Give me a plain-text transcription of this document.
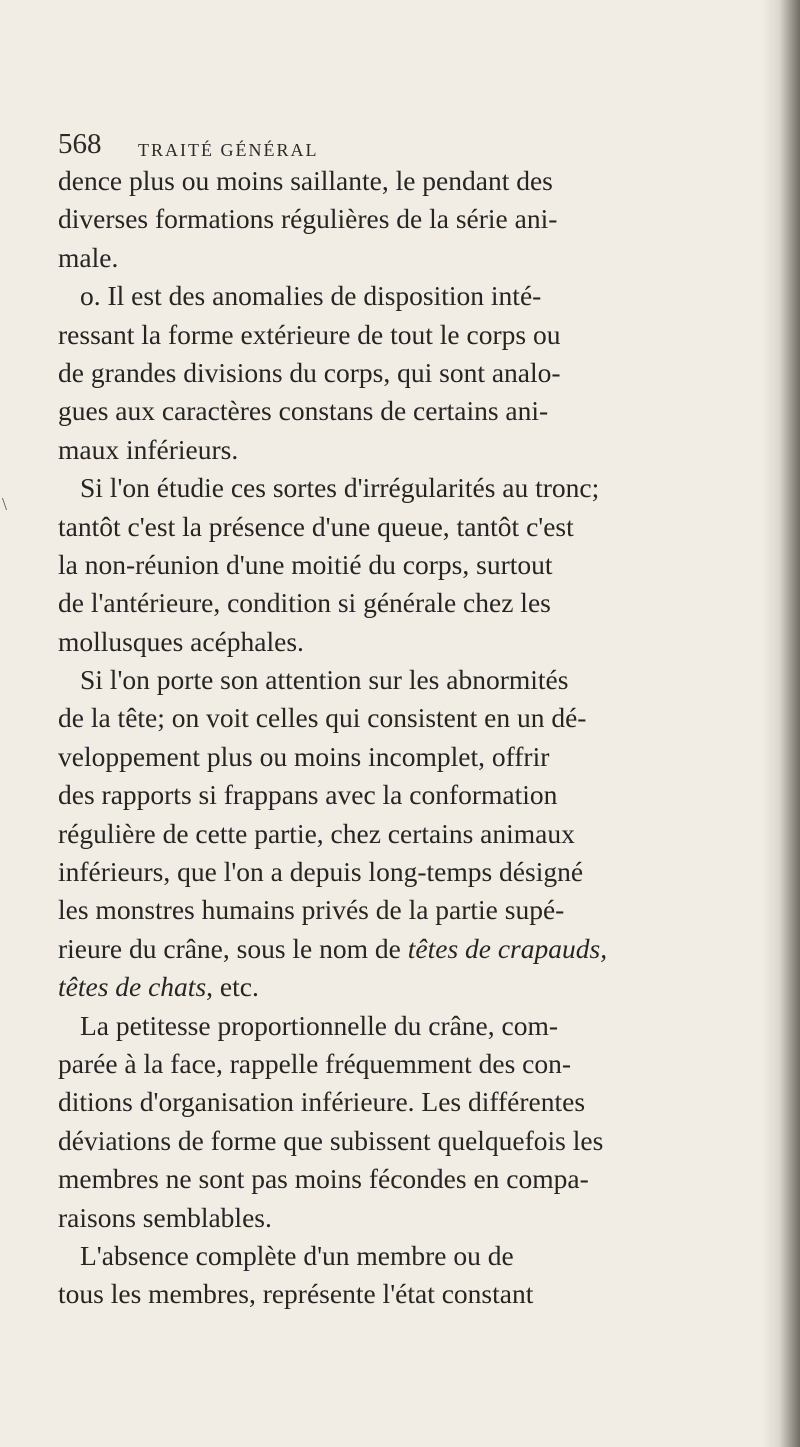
\
568 TRAITÉ GÉNÉRAL
dence plus ou moins saillante, le pendant des
diverses formations régulières de la série ani-
male.
o. Il est des anomalies de disposition inté-
ressant la forme extérieure de tout le corps ou
de grandes divisions du corps, qui sont analo-
gues aux caractères constans de certains ani-
maux inférieurs.
Si l'on étudie ces sortes d'irrégularités au tronc;
tantôt c'est la présence d'une queue, tantôt c'est
la non-réunion d'une moitié du corps, surtout
de l'antérieure, condition si générale chez les
mollusques acéphales.
Si l'on porte son attention sur les abnormités
de la tête; on voit celles qui consistent en un dé-
veloppement plus ou moins incomplet, offrir
des rapports si frappans avec la conformation
régulière de cette partie, chez certains animaux
inférieurs, que l'on a depuis long-temps désigné
les monstres humains privés de la partie supé-
rieure du crâne, sous le nom de têtes de crapauds,
têtes de chats, etc.
La petitesse proportionnelle du crâne, com-
parée à la face, rappelle fréquemment des con-
ditions d'organisation inférieure. Les différentes
déviations de forme que subissent quelquefois les
membres ne sont pas moins fécondes en compa-
raisons semblables.
L'absence complète d'un membre ou de
tous les membres, représente l'état constant
